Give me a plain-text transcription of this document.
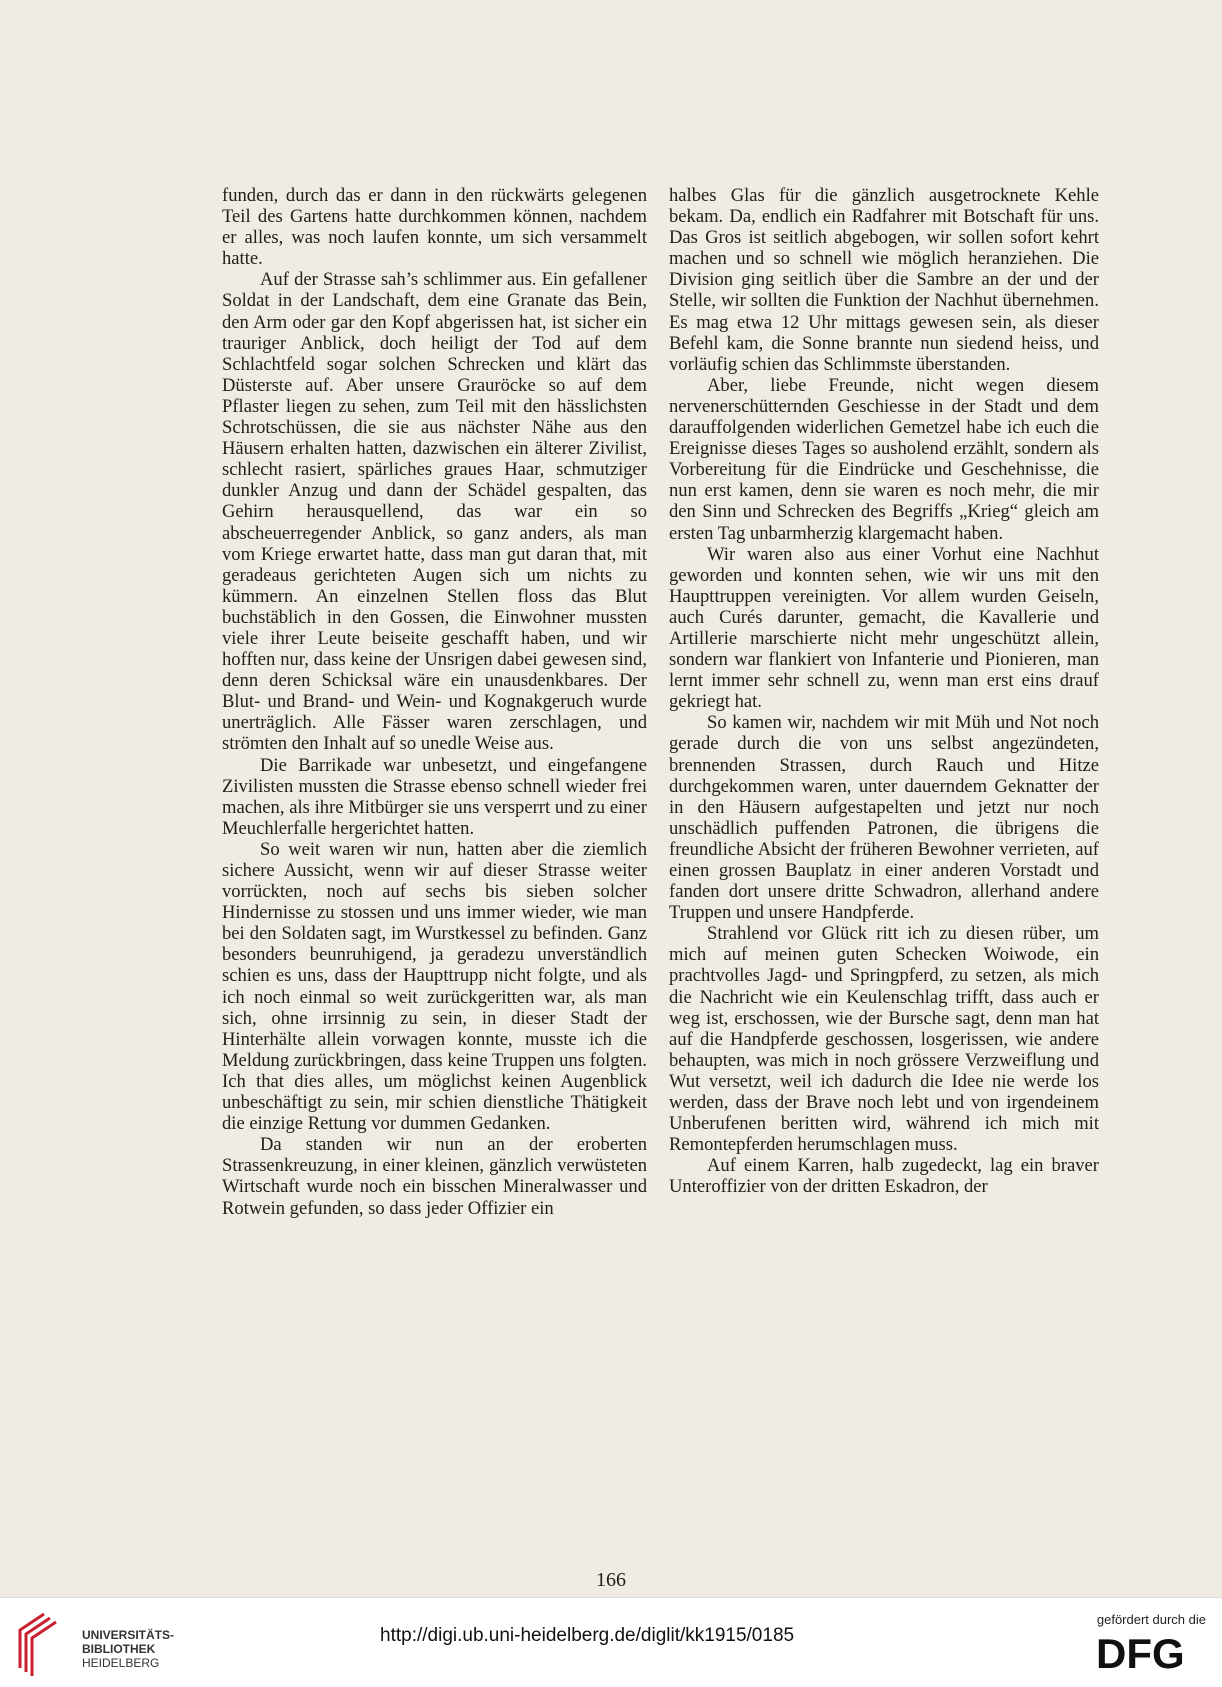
funden, durch das er dann in den rückwärts gelegenen Teil des Gartens hatte durchkommen können, nachdem er alles, was noch laufen konnte, um sich versammelt hatte.

Auf der Strasse sah’s schlimmer aus. Ein gefallener Soldat in der Landschaft, dem eine Granate das Bein, den Arm oder gar den Kopf abgerissen hat, ist sicher ein trauriger Anblick, doch heiligt der Tod auf dem Schlachtfeld sogar solchen Schrecken und klärt das Düsterste auf. Aber unsere Grauröcke so auf dem Pflaster liegen zu sehen, zum Teil mit den hässlichsten Schrotschüssen, die sie aus nächster Nähe aus den Häusern erhalten hatten, dazwischen ein älterer Zivilist, schlecht rasiert, spärliches graues Haar, schmutziger dunkler Anzug und dann der Schädel gespalten, das Gehirn herausquellend, das war ein so abscheuerregender Anblick, so ganz anders, als man vom Kriege erwartet hatte, dass man gut daran that, mit geradeaus gerichteten Augen sich um nichts zu kümmern. An einzelnen Stellen floss das Blut buchstäblich in den Gossen, die Einwohner mussten viele ihrer Leute beiseite geschafft haben, und wir hofften nur, dass keine der Unsrigen dabei gewesen sind, denn deren Schicksal wäre ein unausdenkbares. Der Blut- und Brand- und Wein- und Kognakgeruch wurde unerträglich. Alle Fässer waren zerschlagen, und strömten den Inhalt auf so unedle Weise aus.

Die Barrikade war unbesetzt, und eingefangene Zivilisten mussten die Strasse ebenso schnell wieder frei machen, als ihre Mitbürger sie uns versperrt und zu einer Meuchlerfalle hergerichtet hatten.

So weit waren wir nun, hatten aber die ziemlich sichere Aussicht, wenn wir auf dieser Strasse weiter vorrückten, noch auf sechs bis sieben solcher Hindernisse zu stossen und uns immer wieder, wie man bei den Soldaten sagt, im Wurstkessel zu befinden. Ganz besonders beunruhigend, ja geradezu unverständlich schien es uns, dass der Haupttrupp nicht folgte, und als ich noch einmal so weit zurückgeritten war, als man sich, ohne irrsinnig zu sein, in dieser Stadt der Hinterhälte allein vorwagen konnte, musste ich die Meldung zurückbringen, dass keine Truppen uns folgten. Ich that dies alles, um möglichst keinen Augenblick unbeschäftigt zu sein, mir schien dienstliche Thätigkeit die einzige Rettung vor dummen Gedanken.

Da standen wir nun an der eroberten Strassenkreuzung, in einer kleinen, gänzlich verwüsteten Wirtschaft wurde noch ein bisschen Mineralwasser und Rotwein gefunden, so dass jeder Offizier ein

halbes Glas für die gänzlich ausgetrocknete Kehle bekam. Da, endlich ein Radfahrer mit Botschaft für uns. Das Gros ist seitlich abgebogen, wir sollen sofort kehrt machen und so schnell wie möglich heranziehen. Die Division ging seitlich über die Sambre an der und der Stelle, wir sollten die Funktion der Nachhut übernehmen. Es mag etwa 12 Uhr mittags gewesen sein, als dieser Befehl kam, die Sonne brannte nun siedend heiss, und vorläufig schien das Schlimmste überstanden.

Aber, liebe Freunde, nicht wegen diesem nervenerschütternden Geschiesse in der Stadt und dem darauffolgenden widerlichen Gemetzel habe ich euch die Ereignisse dieses Tages so ausholend erzählt, sondern als Vorbereitung für die Eindrücke und Geschehnisse, die nun erst kamen, denn sie waren es noch mehr, die mir den Sinn und Schrecken des Begriffs „Krieg“ gleich am ersten Tag unbarmherzig klargemacht haben.

Wir waren also aus einer Vorhut eine Nachhut geworden und konnten sehen, wie wir uns mit den Haupttruppen vereinigten. Vor allem wurden Geiseln, auch Curés darunter, gemacht, die Kavallerie und Artillerie marschierte nicht mehr ungeschützt allein, sondern war flankiert von Infanterie und Pionieren, man lernt immer sehr schnell zu, wenn man erst eins drauf gekriegt hat.

So kamen wir, nachdem wir mit Müh und Not noch gerade durch die von uns selbst angezündeten, brennenden Strassen, durch Rauch und Hitze durchgekommen waren, unter dauerndem Geknatter der in den Häusern aufgestapelten und jetzt nur noch unschädlich puffenden Patronen, die übrigens die freundliche Absicht der früheren Bewohner verrieten, auf einen grossen Bauplatz in einer anderen Vorstadt und fanden dort unsere dritte Schwadron, allerhand andere Truppen und unsere Handpferde.

Strahlend vor Glück ritt ich zu diesen rüber, um mich auf meinen guten Schecken Woiwode, ein prachtvolles Jagd- und Springpferd, zu setzen, als mich die Nachricht wie ein Keulenschlag trifft, dass auch er weg ist, erschossen, wie der Bursche sagt, denn man hat auf die Handpferde geschossen, losgerissen, wie andere behaupten, was mich in noch grössere Verzweiflung und Wut versetzt, weil ich dadurch die Idee nie werde los werden, dass der Brave noch lebt und von irgendeinem Unberufenen beritten wird, während ich mich mit Remontepferden herumschlagen muss.

Auf einem Karren, halb zugedeckt, lag ein braver Unteroffizier von der dritten Eskadron, der

166
UNIVERSITÄTS-
BIBLIOTHEK
HEIDELBERG
http://digi.ub.uni-heidelberg.de/diglit/kk1915/0185
gefördert durch die
DFG
